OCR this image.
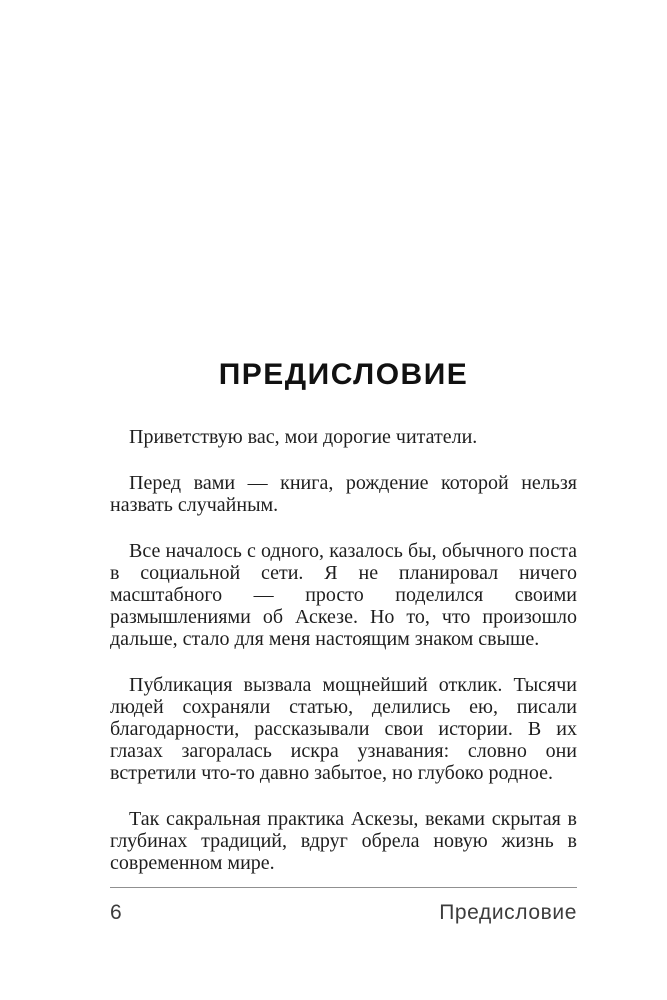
ПРЕДИСЛОВИЕ

Приветствую вас, мои дорогие читатели.

Перед вами — книга, рождение которой нельзя назвать случайным.

Все началось с одного, казалось бы, обычного поста в социальной сети. Я не планировал ничего масштабного — просто поделился своими размышлениями об Аскезе. Но то, что произошло дальше, стало для меня настоящим знаком свыше.

Публикация вызвала мощнейший отклик. Тысячи людей сохраняли статью, делились ею, писали благодарности, рассказывали свои истории. В их глазах загоралась искра узнавания: словно они встретили что-то давно забытое, но глубоко родное.

Так сакральная практика Аскезы, веками скрытая в глубинах традиций, вдруг обрела новую жизнь в современном мире.

6	Предисловие
